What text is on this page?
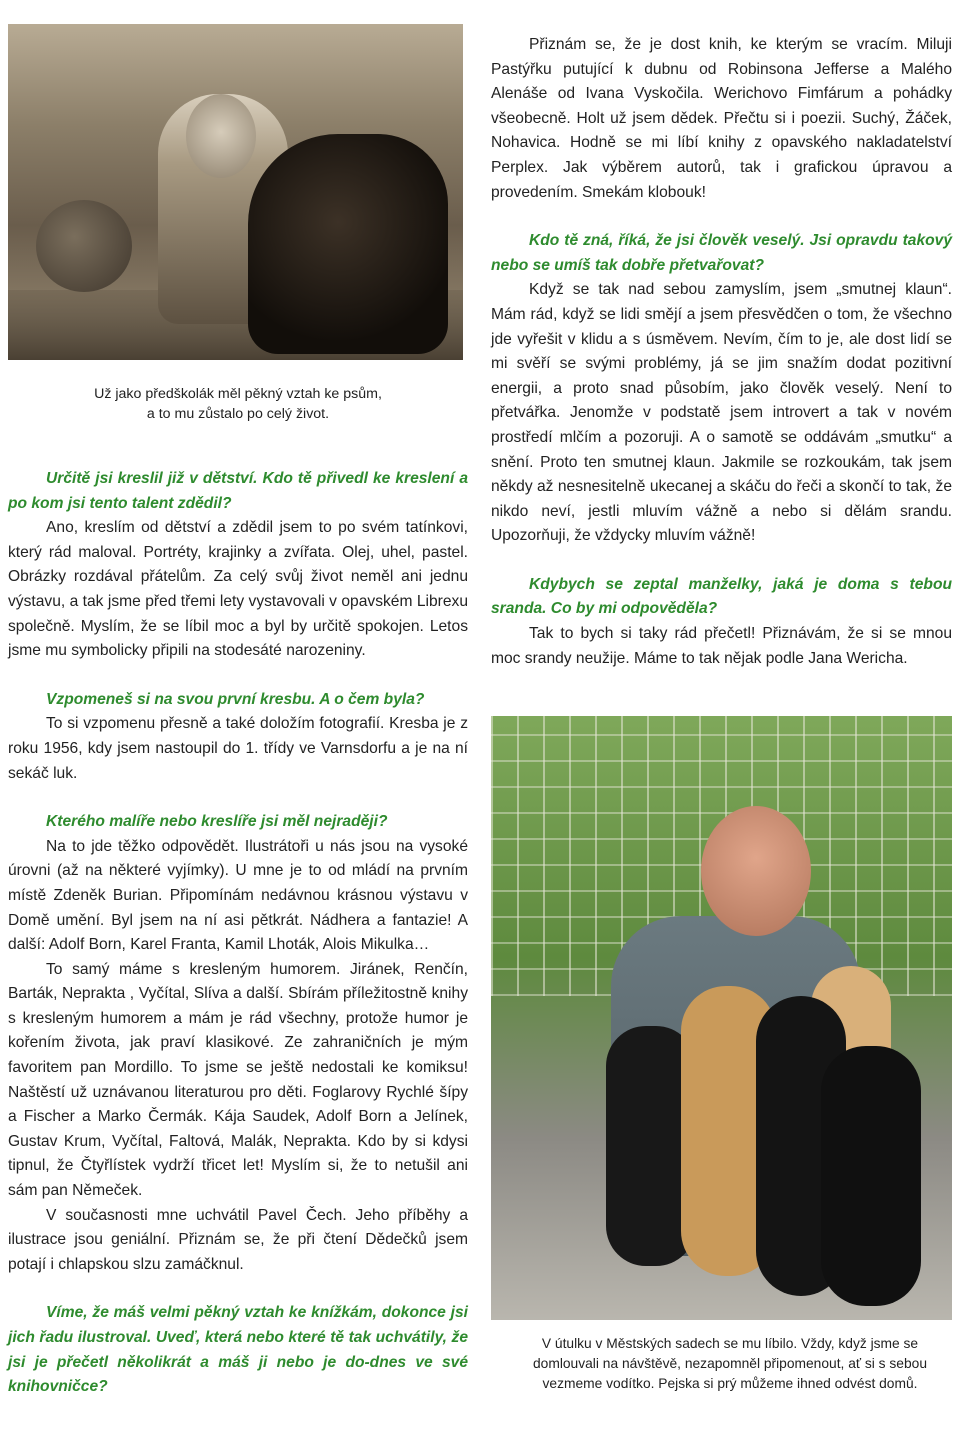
Už jako předškolák měl pěkný vztah ke psům,
a to mu zůstalo po celý život.
Určitě jsi kreslil již v dětství. Kdo tě přivedl ke kreslení a po kom jsi tento talent zdědil?

Ano, kreslím od dětství a zdědil jsem to po svém tatínkovi, který rád maloval. Portréty, krajinky a zvířata. Olej, uhel, pastel. Obrázky rozdával přátelům. Za celý svůj život neměl ani jednu výstavu, a tak jsme před třemi lety vystavovali v opavském Librexu společně. Myslím, že se líbil moc a byl by určitě spokojen. Letos jsme mu symbolicky připili na stodesáté narozeniny.

Vzpomeneš si na svou první kresbu. A o čem byla?

To si vzpomenu přesně a také doložím fotografií. Kresba je z roku 1956, kdy jsem nastoupil do 1. třídy ve Varnsdorfu a je na ní sekáč luk.

Kterého malíře nebo kreslíře jsi měl nejraději?

Na to jde těžko odpovědět. Ilustrátoři u nás jsou na vysoké úrovni (až na některé vyjímky). U mne je to od mládí na prvním místě Zdeněk Burian. Připomínám nedávnou krásnou výstavu v Domě umění. Byl jsem na ní asi pětkrát. Nádhera a fantazie! A další: Adolf Born, Karel Franta, Kamil Lhoták, Alois Mikulka…

To samý máme s kresleným humorem. Jiránek, Renčín, Barták, Neprakta , Vyčítal, Slíva a další. Sbírám příležitostně knihy s kresleným humorem a mám je rád všechny, protože humor je kořením života, jak praví klasikové. Ze zahraničních je mým favoritem pan Mordillo. To jsme se ještě nedostali ke komiksu! Naštěstí už uznávanou literaturou pro děti. Foglarovy Rychlé šípy a Fischer a Marko Čermák. Kája Saudek, Adolf Born a Jelínek, Gustav Krum, Vyčítal, Faltová, Malák, Neprakta. Kdo by si kdysi tipnul, že Čtyřlístek vydrží třicet let! Myslím si, že to netušil ani sám pan Němeček.

V současnosti mne uchvátil Pavel Čech. Jeho příběhy a ilustrace jsou geniální. Přiznám se, že při čtení Dědečků jsem potají i chlapskou slzu zamáčknul.

Víme, že máš velmi pěkný vztah ke knížkám, dokonce jsi jich řadu ilustroval. Uveď, která nebo které tě tak uchvátily, že jsi je přečetl několikrát a máš ji nebo je do-dnes ve své knihovničce?

Přiznám se, že je dost knih, ke kterým se vracím. Miluji Pastýřku putující k dubnu od Robinsona Jefferse a Malého Alenáše od Ivana Vyskočila. Werichovo Fimfárum a pohádky všeobecně. Holt už jsem dědek. Přečtu si i poezii. Suchý, Žáček, Nohavica. Hodně se mi líbí knihy z opavského nakladatelství Perplex. Jak výběrem autorů, tak i grafickou úpravou a provedením. Smekám klobouk!

Kdo tě zná, říká, že jsi člověk veselý. Jsi opravdu takový nebo se umíš tak dobře přetvařovat?

Když se tak nad sebou zamyslím, jsem „smutnej klaun“. Mám rád, když se lidi smějí a jsem přesvědčen o tom, že všechno jde vyřešit v klidu a s úsměvem. Nevím, čím to je, ale dost lidí se mi svěří se svými problémy, já se jim snažím dodat pozitivní energii, a proto snad působím, jako člověk veselý. Není to přetvářka. Jenomže v podstatě jsem introvert a tak v novém prostředí mlčím a pozoruji. A o samotě se oddávám „smutku“ a snění. Proto ten smutnej klaun. Jakmile se rozkoukám, tak jsem někdy až nesnesitelně ukecanej a skáču do řeči a skončí to tak, že nikdo neví, jestli mluvím vážně a nebo si dělám srandu. Upozorňuji, že vždycky mluvím vážně!

Kdybych se zeptal manželky, jaká je doma s tebou sranda. Co by mi odpověděla?

Tak to bych si taky rád přečetl! Přiznávám, že si se mnou moc srandy neužije. Máme to tak nějak podle Jana Wericha.

V útulku v Městských sadech se mu líbilo. Vždy, když jsme se
domlouvali na návštěvě, nezapomněl připomenout, ať si s sebou
vezmeme vodítko. Pejska si prý můžeme ihned odvést domů.
